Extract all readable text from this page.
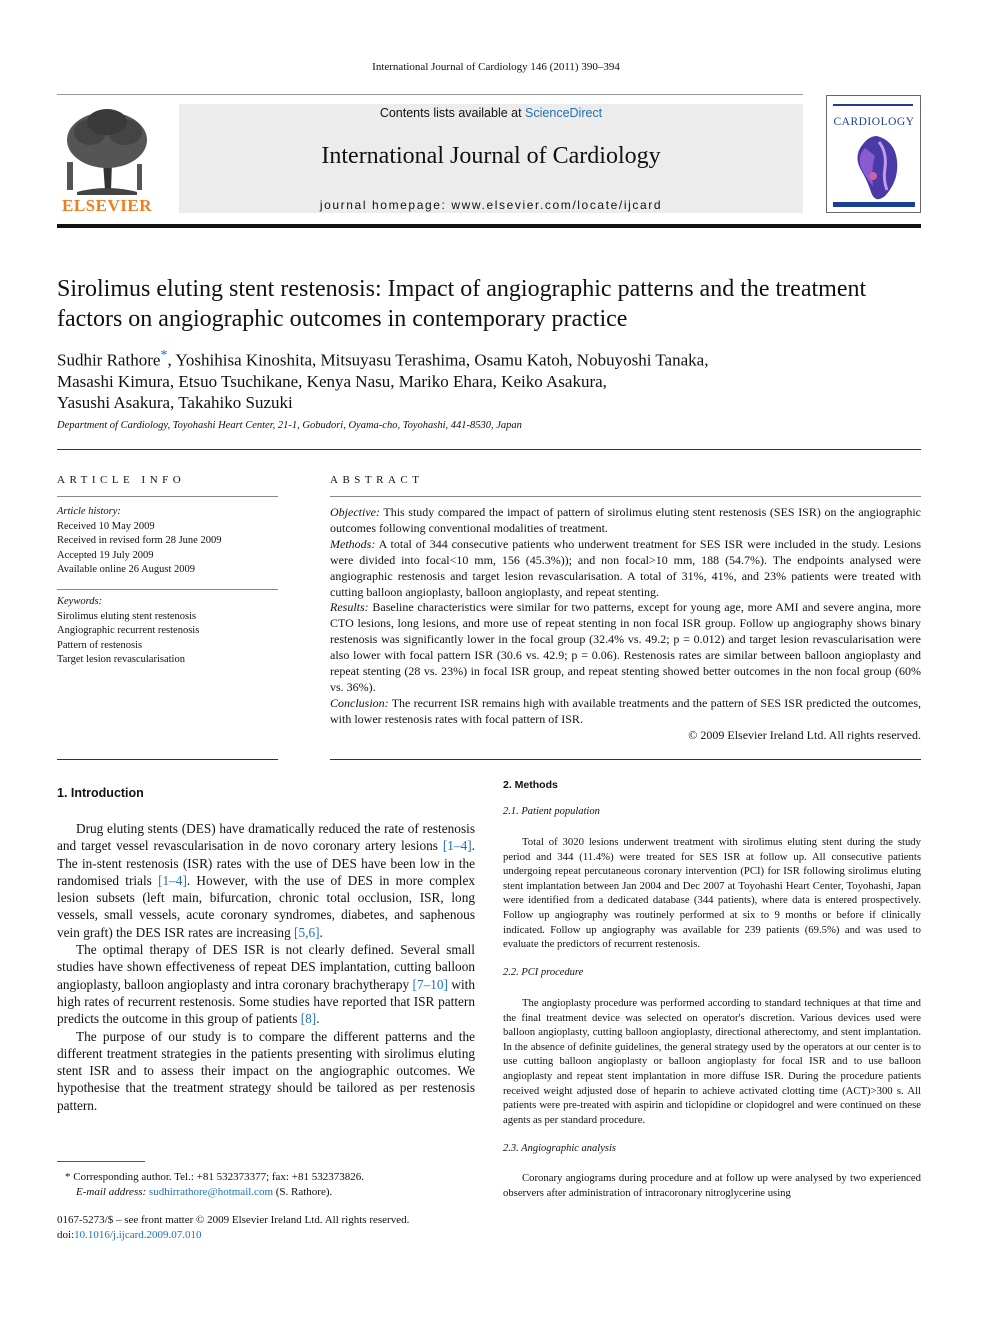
International Journal of Cardiology 146 (2011) 390–394
ELSEVIER
Contents lists available at ScienceDirect
International Journal of Cardiology
journal homepage: www.elsevier.com/locate/ijcard
CARDIOLOGY
Sirolimus eluting stent restenosis: Impact of angiographic patterns and the treatment
factors on angiographic outcomes in contemporary practice
Sudhir Rathore*, Yoshihisa Kinoshita, Mitsuyasu Terashima, Osamu Katoh, Nobuyoshi Tanaka,
Masashi Kimura, Etsuo Tsuchikane, Kenya Nasu, Mariko Ehara, Keiko Asakura,
Yasushi Asakura, Takahiko Suzuki
Department of Cardiology, Toyohashi Heart Center, 21-1, Gobudori, Oyama-cho, Toyohashi, 441-8530, Japan
ARTICLE INFO
Article history:
Received 10 May 2009
Received in revised form 28 June 2009
Accepted 19 July 2009
Available online 26 August 2009
Keywords:
Sirolimus eluting stent restenosis
Angiographic recurrent restenosis
Pattern of restenosis
Target lesion revascularisation
ABSTRACT

Objective: This study compared the impact of pattern of sirolimus eluting stent restenosis (SES ISR) on the angiographic outcomes following conventional modalities of treatment.

Methods: A total of 344 consecutive patients who underwent treatment for SES ISR were included in the study. Lesions were divided into focal<10 mm, 156 (45.3%)); and non focal>10 mm, 188 (54.7%). The endpoints analysed were angiographic restenosis and target lesion revascularisation. A total of 31%, 41%, and 23% patients were treated with cutting balloon angioplasty, balloon angioplasty, and repeat stenting.

Results: Baseline characteristics were similar for two patterns, except for young age, more AMI and severe angina, more CTO lesions, long lesions, and more use of repeat stenting in non focal ISR group. Follow up angiography shows binary restenosis was significantly lower in the focal group (32.4% vs. 49.2; p = 0.012) and target lesion revascularisation were also lower with focal pattern ISR (30.6 vs. 42.9; p = 0.06). Restenosis rates are similar between balloon angioplasty and repeat stenting (28 vs. 23%) in focal ISR group, and repeat stenting showed better outcomes in the non focal group (60% vs. 36%).

Conclusion: The recurrent ISR remains high with available treatments and the pattern of SES ISR predicted the outcomes, with lower restenosis rates with focal pattern of ISR.

© 2009 Elsevier Ireland Ltd. All rights reserved.
1. Introduction

Drug eluting stents (DES) have dramatically reduced the rate of restenosis and target vessel revascularisation in de novo coronary artery lesions [1–4]. The in-stent restenosis (ISR) rates with the use of DES have been low in the randomised trials [1–4]. However, with the use of DES in more complex lesion subsets (left main, bifurcation, chronic total occlusion, ISR, long vessels, small vessels, acute coronary syndromes, diabetes, and saphenous vein graft) the DES ISR rates are increasing [5,6].

The optimal therapy of DES ISR is not clearly defined. Several small studies have shown effectiveness of repeat DES implantation, cutting balloon angioplasty, balloon angioplasty and intra coronary brachytherapy [7–10] with high rates of recurrent restenosis. Some studies have reported that ISR pattern predicts the outcome in this group of patients [8].

The purpose of our study is to compare the different patterns and the different treatment strategies in the patients presenting with sirolimus eluting stent ISR and to assess their impact on the angiographic outcomes. We hypothesise that the treatment strategy should be tailored as per restenosis pattern.

* Corresponding author. Tel.: +81 532373377; fax: +81 532373826.
E-mail address: sudhirrathore@hotmail.com (S. Rathore).
0167-5273/$ – see front matter © 2009 Elsevier Ireland Ltd. All rights reserved.
doi:10.1016/j.ijcard.2009.07.010
2. Methods
2.1. Patient population

Total of 3020 lesions underwent treatment with sirolimus eluting stent during the study period and 344 (11.4%) were treated for SES ISR at follow up. All consecutive patients undergoing repeat percutaneous coronary intervention (PCI) for ISR following sirolimus eluting stent implantation between Jan 2004 and Dec 2007 at Toyohashi Heart Center, Toyohashi, Japan were identified from a dedicated database (344 patients), where data is entered prospectively. Follow up angiography was routinely performed at six to 9 months or before if clinically indicated. Follow up angiography was available for 239 patients (69.5%) and was used to evaluate the predictors of recurrent restenosis.

2.2. PCI procedure

The angioplasty procedure was performed according to standard techniques at that time and the final treatment device was selected on operator's discretion. Various devices used were balloon angioplasty, cutting balloon angioplasty, directional atherectomy, and stent implantation. In the absence of definite guidelines, the general strategy used by the operators at our center is to use cutting balloon angioplasty or balloon angioplasty for focal ISR and to use balloon angioplasty and repeat stent implantation in more diffuse ISR. During the procedure patients received weight adjusted dose of heparin to achieve activated clotting time (ACT)>300 s. All patients were pre-treated with aspirin and ticlopidine or clopidogrel and were continued on these agents as per standard procedure.

2.3. Angiographic analysis

Coronary angiograms during procedure and at follow up were analysed by two experienced observers after administration of intracoronary nitroglycerine using
